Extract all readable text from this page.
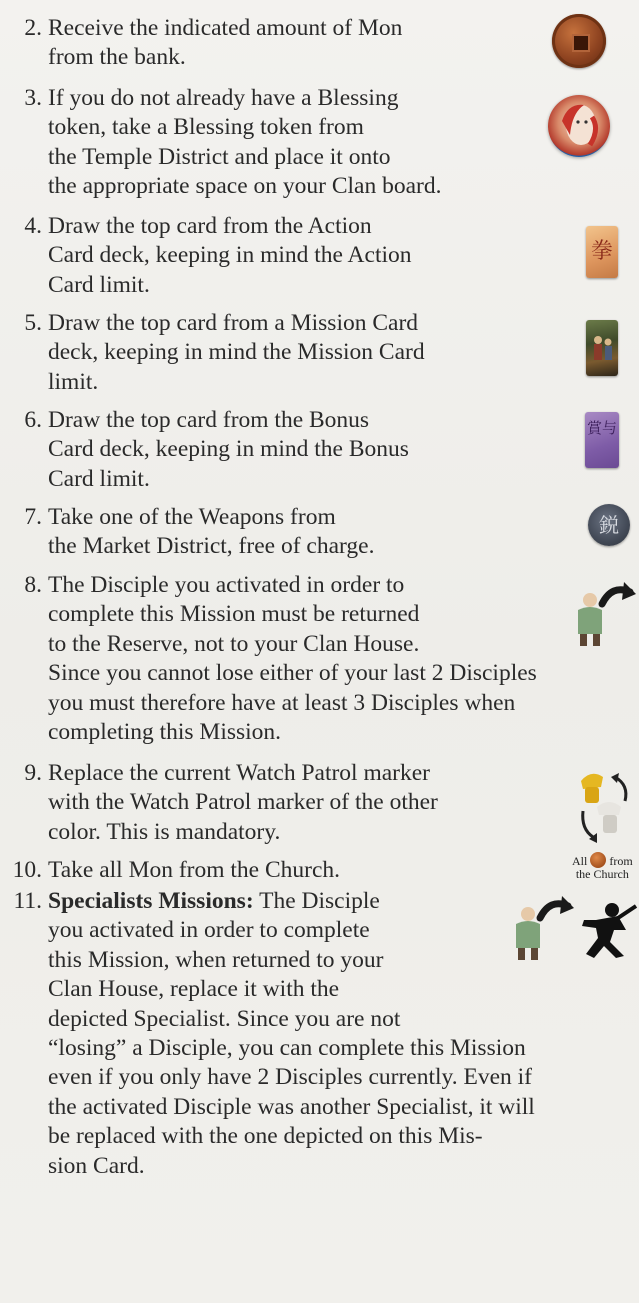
2. Receive the indicated amount of Mon
from the bank.
3. If you do not already have a Blessing
token, take a Blessing token from
the Temple District and place it onto
the appropriate space on your Clan board.
4. Draw the top card from the Action
Card deck, keeping in mind the Action
Card limit.
5. Draw the top card from a Mission Card
deck, keeping in mind the Mission Card
limit.
6. Draw the top card from the Bonus
Card deck, keeping in mind the Bonus
Card limit.
7. Take one of the Weapons from
the Market District, free of charge.
8. The Disciple you activated in order to
complete this Mission must be returned
to the Reserve, not to your Clan House.
Since you cannot lose either of your last 2 Disciples
you must therefore have at least 3 Disciples when
completing this Mission.
9. Replace the current Watch Patrol marker
with the Watch Patrol marker of the other
color. This is mandatory.
10. Take all Mon from the Church.
11. Specialists Missions: The Disciple
you activated in order to complete
this Mission, when returned to your
Clan House, replace it with the
depicted Specialist. Since you are not
“losing” a Disciple, you can complete this Mission
even if you only have 2 Disciples currently. Even if
the activated Disciple was another Specialist, it will
be replaced with the one depicted on this Mis-
sion Card.
拳
賞与
鋭
All from
the Church
